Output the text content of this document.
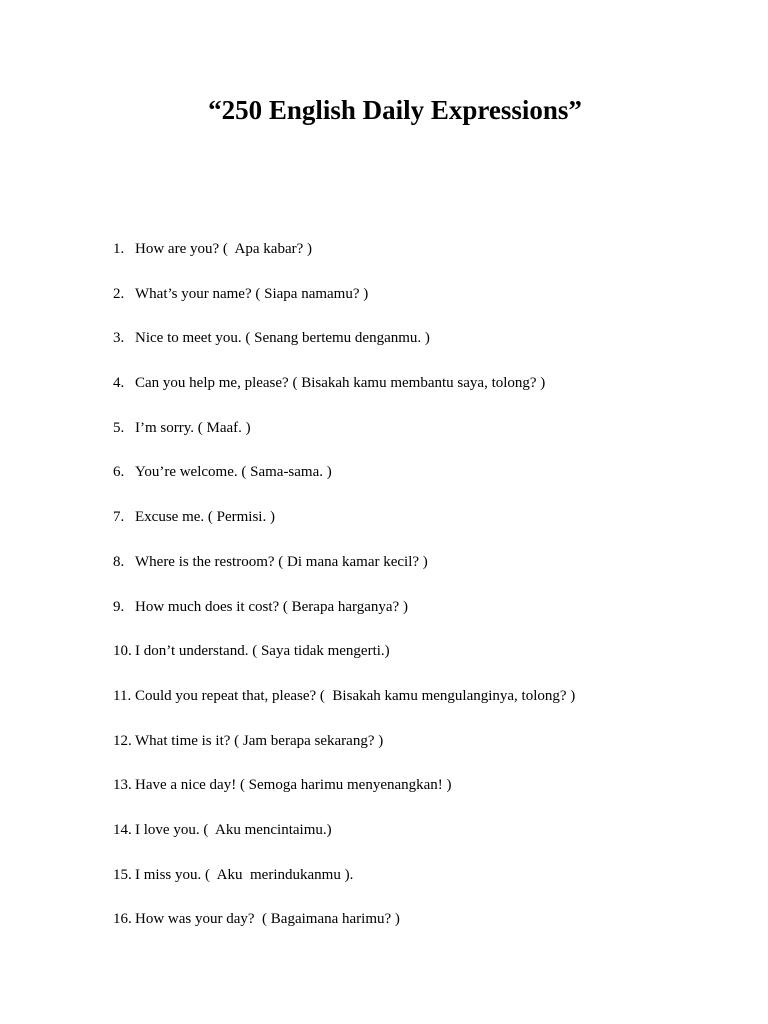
“250 English Daily Expressions”
1. How are you? (  Apa kabar? )
2. What’s your name? ( Siapa namamu? )
3. Nice to meet you. ( Senang bertemu denganmu. )
4. Can you help me, please? ( Bisakah kamu membantu saya, tolong? )
5. I’m sorry. ( Maaf. )
6. You’re welcome. ( Sama-sama. )
7. Excuse me. ( Permisi. )
8. Where is the restroom? ( Di mana kamar kecil? )
9. How much does it cost? ( Berapa harganya? )
10. I don’t understand. ( Saya tidak mengerti.)
11. Could you repeat that, please? (  Bisakah kamu mengulanginya, tolong? )
12. What time is it? ( Jam berapa sekarang? )
13. Have a nice day! ( Semoga harimu menyenangkan! )
14. I love you. (  Aku mencintaimu.)
15. I miss you. (  Aku  merindukanmu ).
16. How was your day?  ( Bagaimana harimu? )
